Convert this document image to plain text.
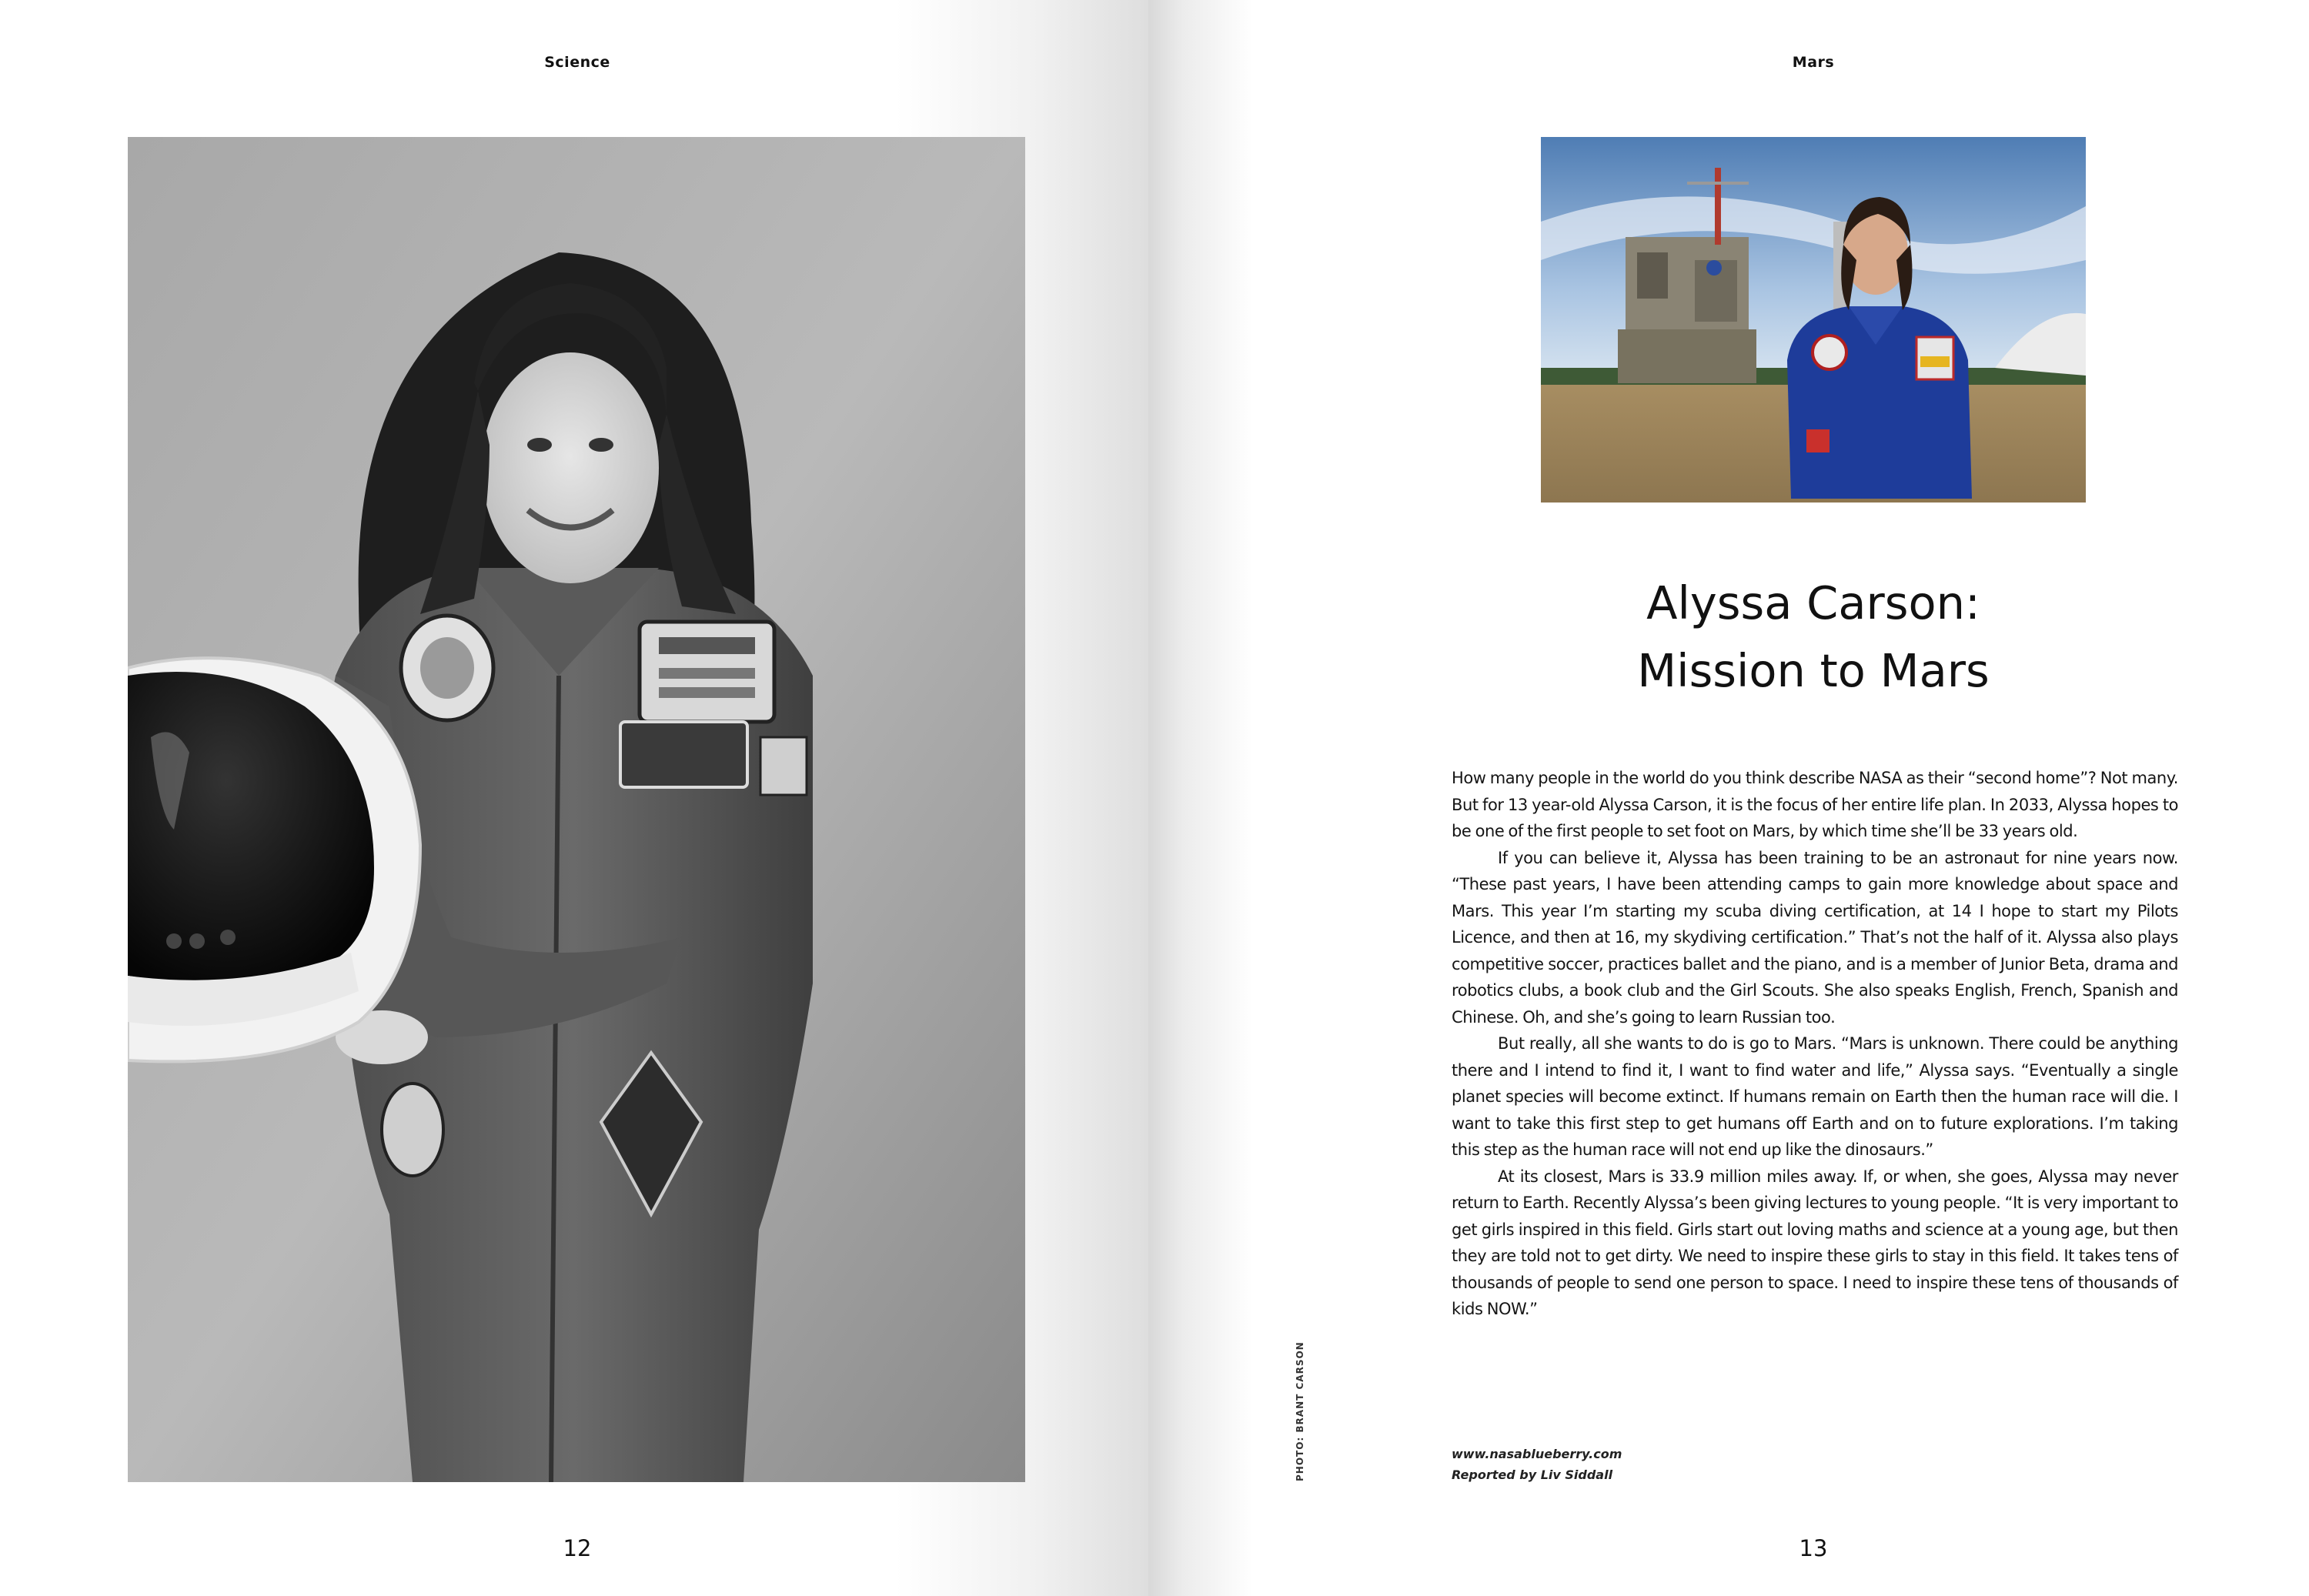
Science
12
Mars
Alyssa Carson:
Mission to Mars

How many people in the world do you think describe NASA as their “second home”? Not many. But for 13 year-old Alyssa Carson, it is the focus of her entire life plan. In 2033, Alyssa hopes to be one of the first people to set foot on Mars, by which time she’ll be 33 years old.

If you can believe it, Alyssa has been training to be an astronaut for nine years now. “These past years, I have been attending camps to gain more knowledge about space and Mars. This year I’m starting my scuba diving certification, at 14 I hope to start my Pilots Licence, and then at 16, my skydiving certification.” That’s not the half of it. Alyssa also plays competitive soccer, practices ballet and the piano, and is a member of Junior Beta, drama and robotics clubs, a book club and the Girl Scouts. She also speaks English, French, Spanish and Chinese. Oh, and she’s going to learn Russian too.

But really, all she wants to do is go to Mars. “Mars is unknown. There could be anything there and I intend to find it, I want to find water and life,” Alyssa says. “Eventually a single planet species will become extinct. If humans remain on Earth then the human race will die. I want to take this first step to get humans off Earth and on to future explorations. I’m taking this step as the human race will not end up like the dinosaurs.”

At its closest, Mars is 33.9 million miles away. If, or when, she goes, Alyssa may never return to Earth. Recently Alyssa’s been giving lectures to young people. “It is very important to get girls inspired in this field. Girls start out loving maths and science at a young age, but then they are told not to get dirty. We need to inspire these girls to stay in this field. It takes tens of thousands of people to send one person to space. I need to inspire these tens of thousands of kids NOW.”

www.nasablueberry.com
Reported by Liv Siddall
PHOTO: BRANT CARSON
13
